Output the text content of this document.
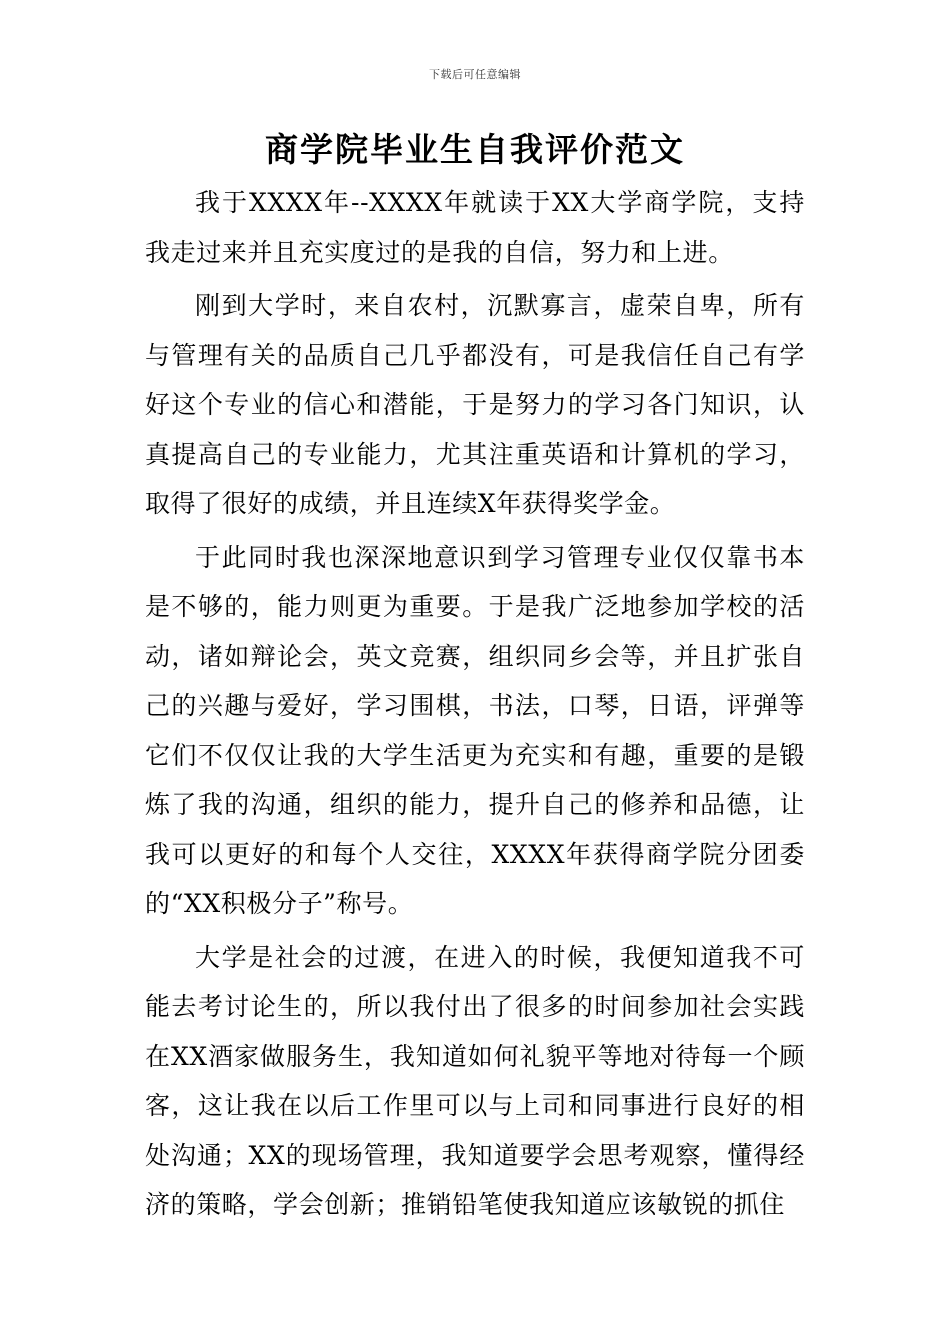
下载后可任意编辑
商学院毕业生自我评价范文

我于XXXX年--XXXX年就读于XX大学商学院，支持我走过来并且充实度过的是我的自信，努力和上进。

刚到大学时，来自农村，沉默寡言，虚荣自卑，所有与管理有关的品质自己几乎都没有，可是我信任自己有学好这个专业的信心和潜能，于是努力的学习各门知识，认真提高自己的专业能力，尤其注重英语和计算机的学习，取得了很好的成绩，并且连续X年获得奖学金。

于此同时我也深深地意识到学习管理专业仅仅靠书本是不够的，能力则更为重要。于是我广泛地参加学校的活动，诸如辩论会，英文竞赛，组织同乡会等，并且扩张自己的兴趣与爱好，学习围棋，书法，口琴，日语，评弹等它们不仅仅让我的大学生活更为充实和有趣，重要的是锻炼了我的沟通，组织的能力，提升自己的修养和品德，让我可以更好的和每个人交往，XXXX年获得商学院分团委的“XX积极分子”称号。

大学是社会的过渡，在进入的时候，我便知道我不可能去考讨论生的，所以我付出了很多的时间参加社会实践在XX酒家做服务生，我知道如何礼貌平等地对待每一个顾客，这让我在以后工作里可以与上司和同事进行良好的相处沟通；XX的现场管理，我知道要学会思考观察，懂得经济的策略，学会创新；推销铅笔使我知道应该敏锐的抓住
